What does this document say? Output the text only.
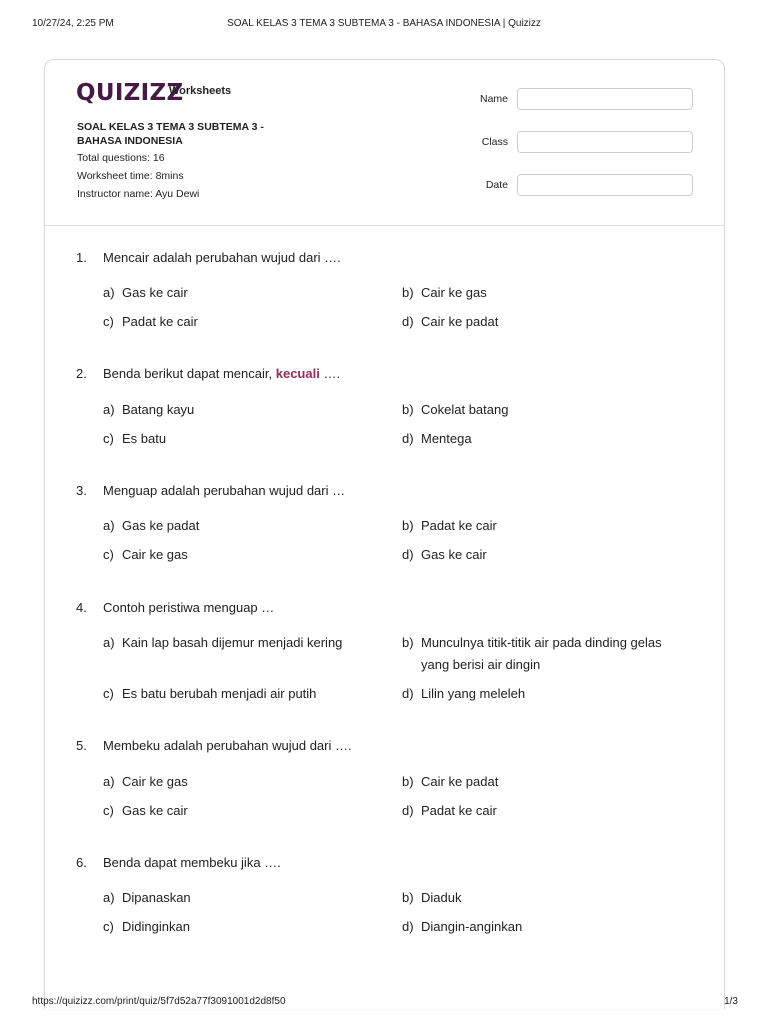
10/27/24, 2:25 PM	SOAL KELAS 3 TEMA 3 SUBTEMA 3 - BAHASA INDONESIA | Quizizz
QUIZIZZ
Worksheets
SOAL KELAS 3 TEMA 3 SUBTEMA 3 - BAHASA INDONESIA
Total questions: 16
Worksheet time: 8mins
Instructor name: Ayu Dewi
Name
Class
Date
1. Mencair adalah perubahan wujud dari ….
a) Gas ke cair	b) Cair ke gas
c) Padat ke cair	d) Cair ke padat
2. Benda berikut dapat mencair, kecuali ….
a) Batang kayu	b) Cokelat batang
c) Es batu	d) Mentega
3. Menguap adalah perubahan wujud dari …
a) Gas ke padat	b) Padat ke cair
c) Cair ke gas	d) Gas ke cair
4. Contoh peristiwa menguap …
a) Kain lap basah dijemur menjadi kering	b) Munculnya titik-titik air pada dinding gelas yang berisi air dingin
c) Es batu berubah menjadi air putih	d) Lilin yang meleleh
5. Membeku adalah perubahan wujud dari ….
a) Cair ke gas	b) Cair ke padat
c) Gas ke cair	d) Padat ke cair
6. Benda dapat membeku jika ….
a) Dipanaskan	b) Diaduk
c) Didinginkan	d) Diangin-anginkan
https://quizizz.com/print/quiz/5f7d52a77f3091001d2d8f50	1/3
